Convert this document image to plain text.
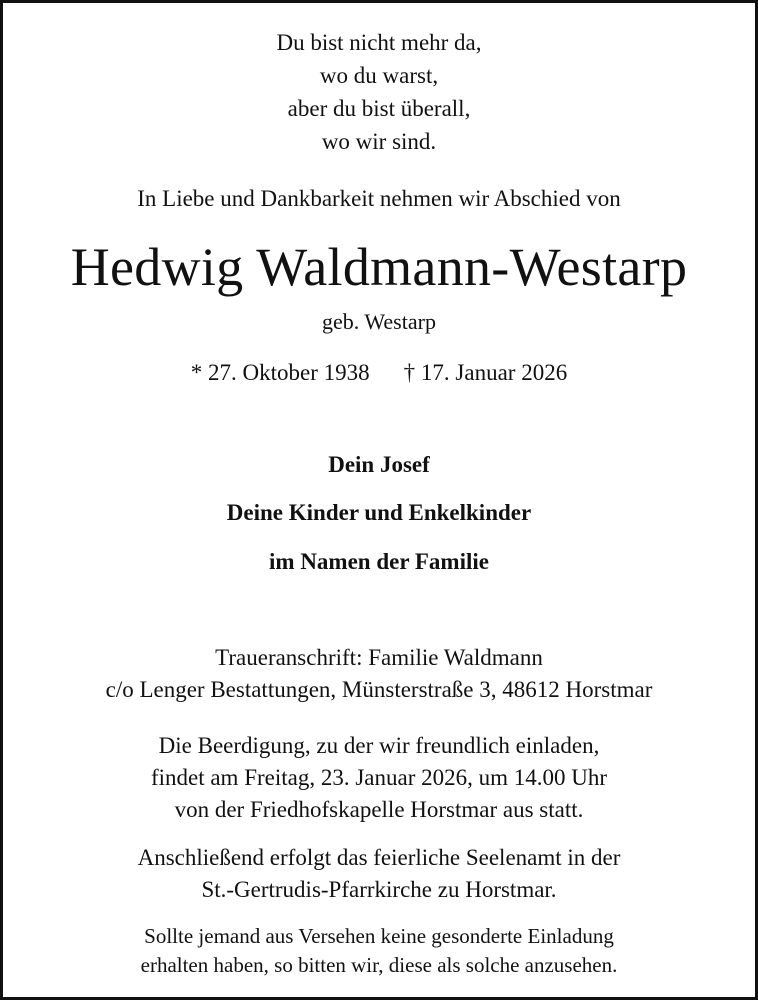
Du bist nicht mehr da,
wo du warst,
aber du bist überall,
wo wir sind.
In Liebe und Dankbarkeit nehmen wir Abschied von
Hedwig Waldmann-Westarp
geb. Westarp
* 27. Oktober 1938 † 17. Januar 2026
Dein Josef
Deine Kinder und Enkelkinder
im Namen der Familie
Traueranschrift: Familie Waldmann
c/o Lenger Bestattungen, Münsterstraße 3, 48612 Horstmar
Die Beerdigung, zu der wir freundlich einladen,
findet am Freitag, 23. Januar 2026, um 14.00 Uhr
von der Friedhofskapelle Horstmar aus statt.
Anschließend erfolgt das feierliche Seelenamt in der
St.-Gertrudis-Pfarrkirche zu Horstmar.
Sollte jemand aus Versehen keine gesonderte Einladung
erhalten haben, so bitten wir, diese als solche anzusehen.
